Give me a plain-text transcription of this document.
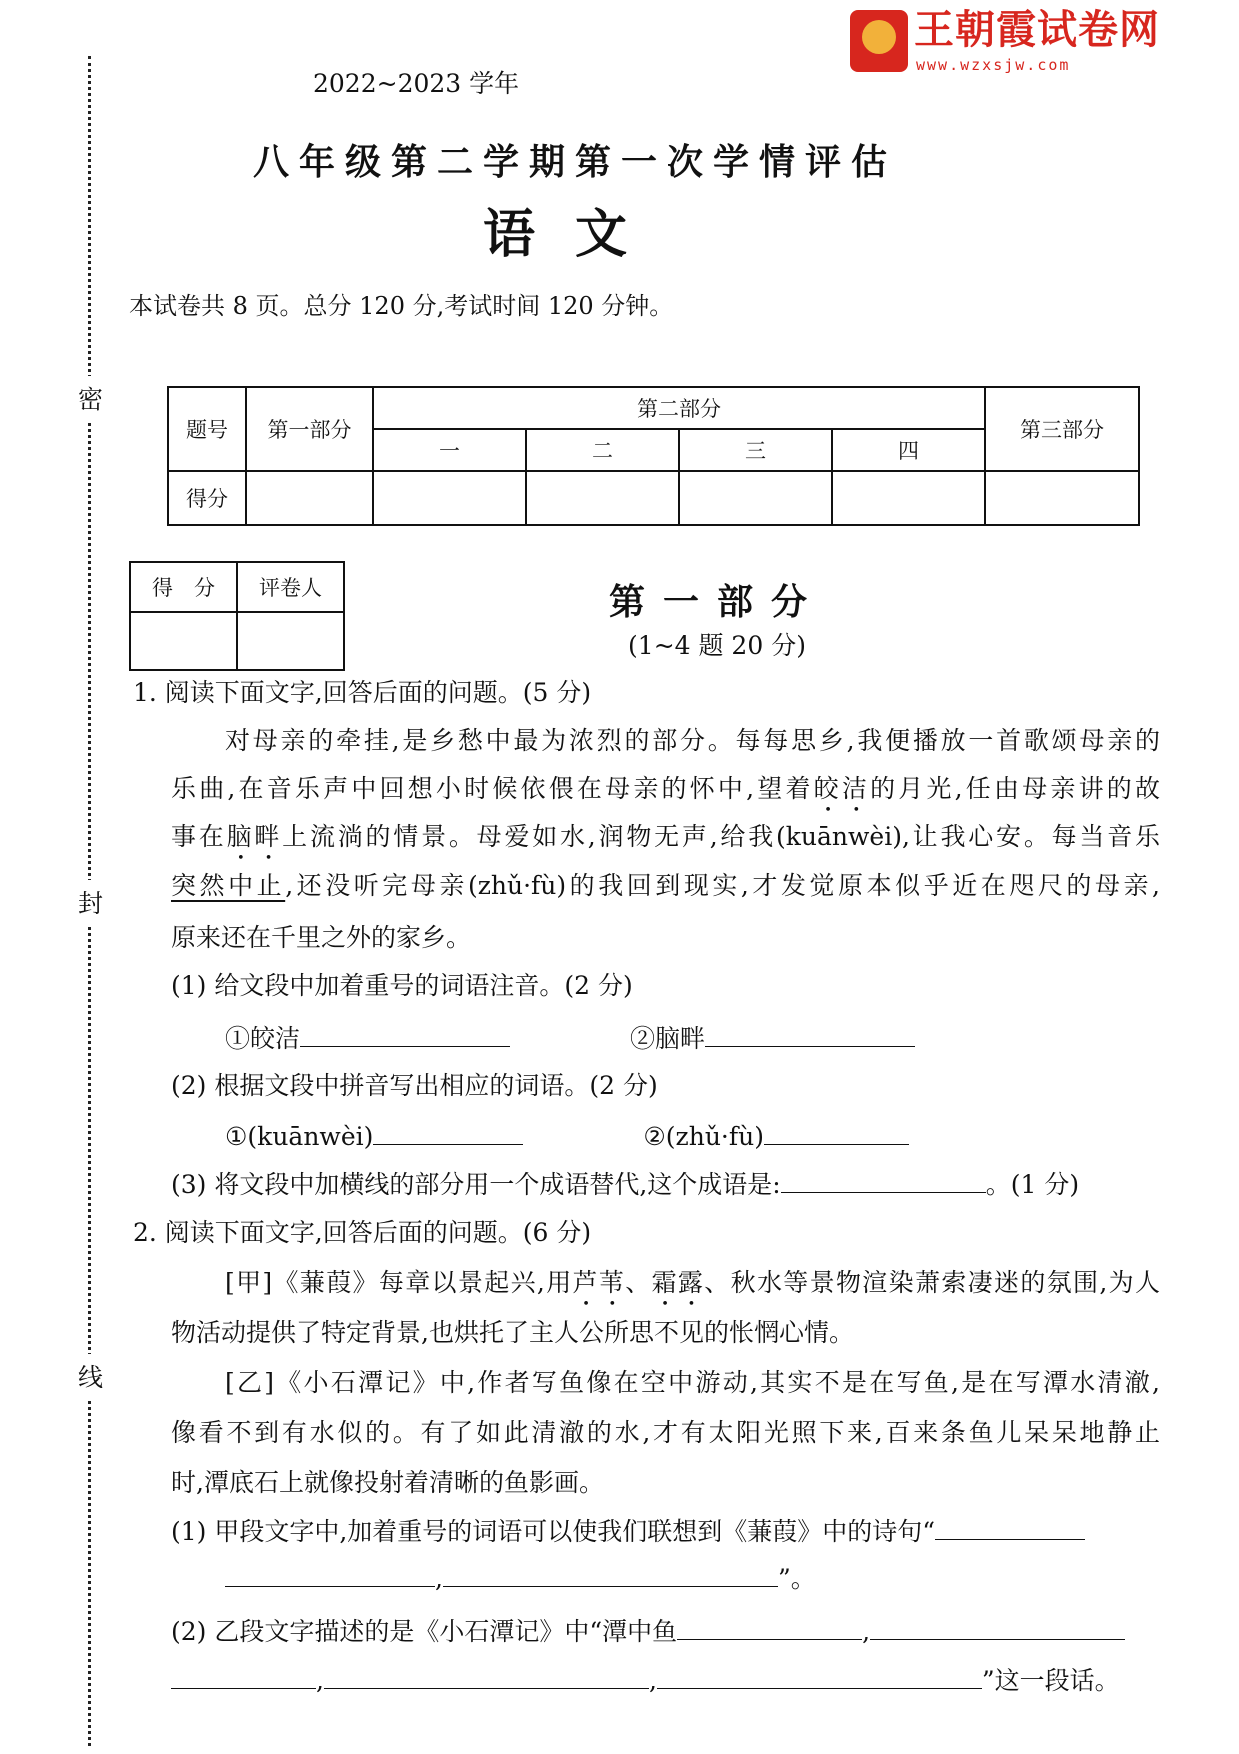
密
封
线
王朝霞试卷网
www.wzxsjw.com
2022~2023 学年
八年级第二学期第一次学情评估
语文
本试卷共 8 页。总分 120 分,考试时间 120 分钟。
题号	第一部分	第二部分				第三部分
		一	二	三	四	
得分						
得　分	评卷人
		第一部分
(1~4 题 20 分)
1. 阅读下面文字,回答后面的问题。(5 分)
对母亲的牵挂,是乡愁中最为浓烈的部分。每每思乡,我便播放一首歌颂母亲的
乐曲,在音乐声中回想小时候依偎在母亲的怀中,望着皎洁的月光,任由母亲讲的故
事在脑畔上流淌的情景。母爱如水,润物无声,给我(kuānwèi),让我心安。每当音乐
突然中止,还没听完母亲(zhǔ·fù)的我回到现实,才发觉原本似乎近在咫尺的母亲,
原来还在千里之外的家乡。
(1) 给文段中加着重号的词语注音。(2 分)
①皎洁	②脑畔
(2) 根据文段中拼音写出相应的词语。(2 分)
①(kuānwèi)	②(zhǔ·fù)
(3) 将文段中加横线的部分用一个成语替代,这个成语是:	。(1 分)
2. 阅读下面文字,回答后面的问题。(6 分)
[甲]《蒹葭》每章以景起兴,用芦苇、霜露、秋水等景物渲染萧索凄迷的氛围,为人
物活动提供了特定背景,也烘托了主人公所思不见的怅惘心情。
[乙]《小石潭记》中,作者写鱼像在空中游动,其实不是在写鱼,是在写潭水清澈,
像看不到有水似的。有了如此清澈的水,才有太阳光照下来,百来条鱼儿呆呆地静止
时,潭底石上就像投射着清晰的鱼影画。
(1) 甲段文字中,加着重号的词语可以使我们联想到《蒹葭》中的诗句“
,	”。
(2) 乙段文字描述的是《小石潭记》中“潭中鱼	,
,	,	”这一段话。
